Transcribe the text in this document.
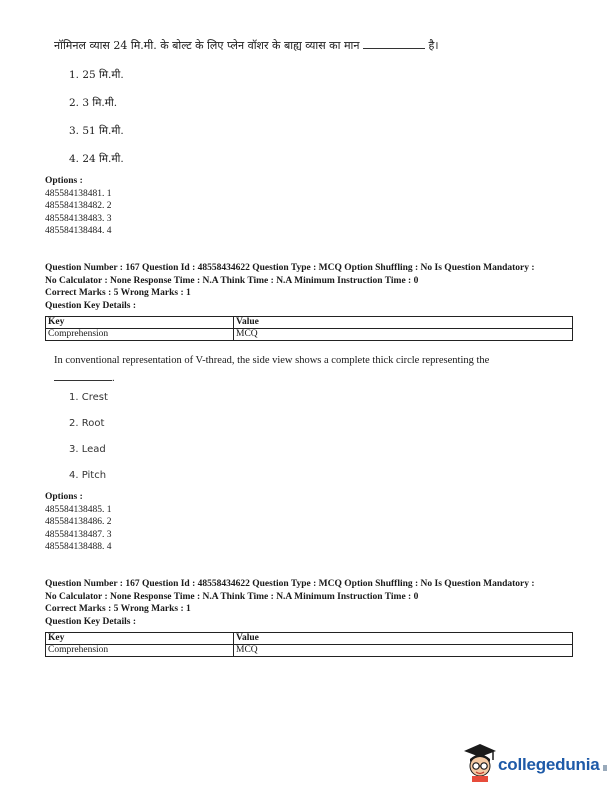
नॉमिनल व्यास 24 मि.मी. के बोल्ट के लिए प्लेन वॉशर के बाह्य व्यास का मान	है।
1. 25 मि.मी.
2. 3 मि.मी.
3. 51 मि.मी.
4. 24 मि.मी.
Options :
485584138481. 1
485584138482. 2
485584138483. 3
485584138484. 4
Question Number : 167 Question Id : 48558434622 Question Type : MCQ Option Shuffling : No Is Question Mandatory :
No Calculator : None Response Time : N.A Think Time : N.A Minimum Instruction Time : 0
Correct Marks : 5 Wrong Marks : 1
Question Key Details :
Key	Value
Comprehension	MCQ
In conventional representation of V-thread, the side view shows a complete thick circle representing the
.
1. Crest
2. Root
3. Lead
4. Pitch
Options :
485584138485. 1
485584138486. 2
485584138487. 3
485584138488. 4
Question Number : 167 Question Id : 48558434622 Question Type : MCQ Option Shuffling : No Is Question Mandatory :
No Calculator : None Response Time : N.A Think Time : N.A Minimum Instruction Time : 0
Correct Marks : 5 Wrong Marks : 1
Question Key Details :
Key	Value
Comprehension	MCQ
collegedunia
